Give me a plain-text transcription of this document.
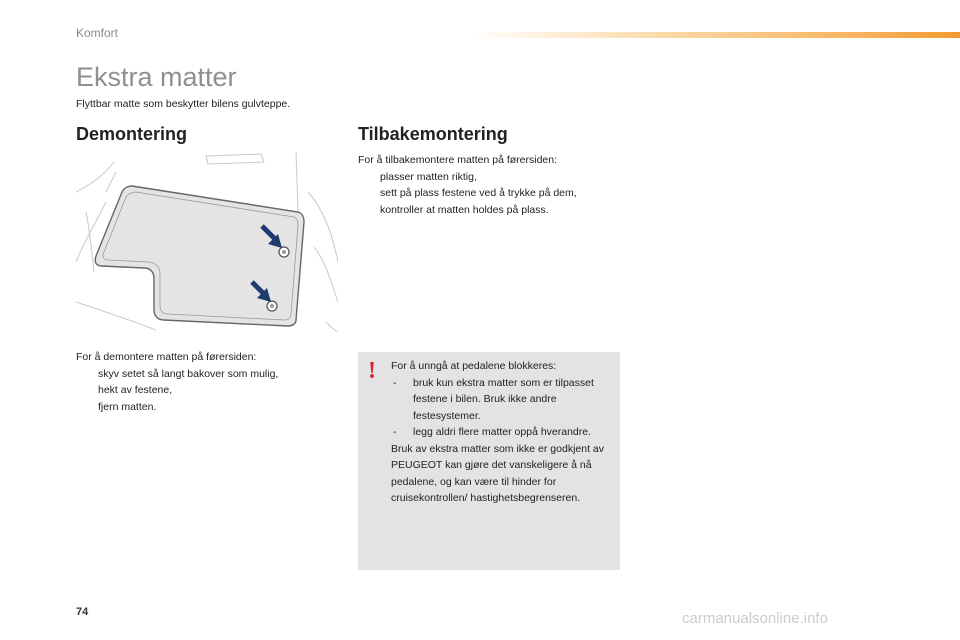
Komfort
Ekstra matter

Flyttbar matte som beskytter bilens gulvteppe.

Demontering	Tilbakemontering

For å demontere matten på førersiden:

skyv setet så langt bakover som mulig,
hekt av festene,
fjern matten.

For å tilbakemontere matten på førersiden:

plasser matten riktig,
sett på plass festene ved å trykke på dem,
kontroller at matten holdes på plass.
! For å unngå at pedalene blokkeres:

- bruk kun ekstra matter som er tilpasset festene i bilen. Bruk ikke andre festesystemer.
- legg aldri flere matter oppå hverandre.

Bruk av ekstra matter som ikke er godkjent av PEUGEOT kan gjøre det vanskeligere å nå pedalene, og kan være til hinder for cruisekontrollen/ hastighetsbegrenseren.

74	carmanualsonline.info
